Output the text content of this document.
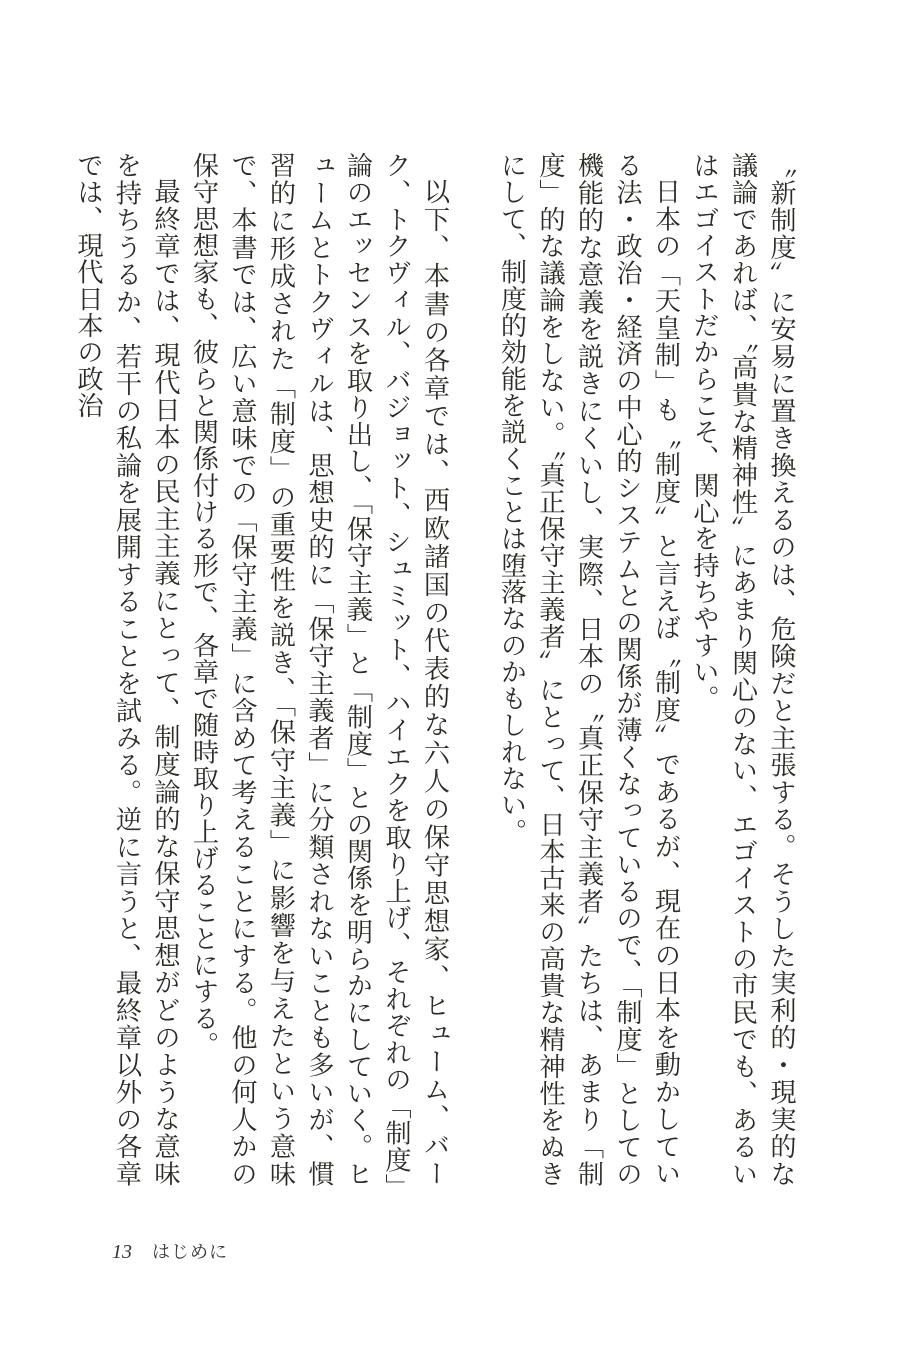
〝新制度〟に安易に置き換えるのは、危険だと主張する。そうした実利的・現実的な議論であれば、〝高貴な精神性〟にあまり関心のない、エゴイストの市民でも、あるいはエゴイストだからこそ、関心を持ちやすい。

日本の「天皇制」も〝制度〟と言えば〝制度〟であるが、現在の日本を動かしている法・政治・経済の中心的システムとの関係が薄くなっているので、「制度」としての機能的な意義を説きにくいし、実際、日本の〝真正保守主義者〟たちは、あまり「制度」的な議論をしない。〝真正保守主義者〟にとって、日本古来の高貴な精神性をぬきにして、制度的効能を説くことは堕落なのかもしれない。

以下、本書の各章では、西欧諸国の代表的な六人の保守思想家、ヒューム、バーク、トクヴィル、バジョット、シュミット、ハイエクを取り上げ、それぞれの「制度」論のエッセンスを取り出し、「保守主義」と「制度」との関係を明らかにしていく。ヒュームとトクヴィルは、思想史的に「保守主義者」に分類されないことも多いが、慣習的に形成された「制度」の重要性を説き、「保守主義」に影響を与えたという意味で、本書では、広い意味での「保守主義」に含めて考えることにする。他の何人かの保守思想家も、彼らと関係付ける形で、各章で随時取り上げることにする。

最終章では、現代日本の民主主義にとって、制度論的な保守思想がどのような意味を持ちうるか、若干の私論を展開することを試みる。逆に言うと、最終章以外の各章では、現代日本の政治

13 はじめに
